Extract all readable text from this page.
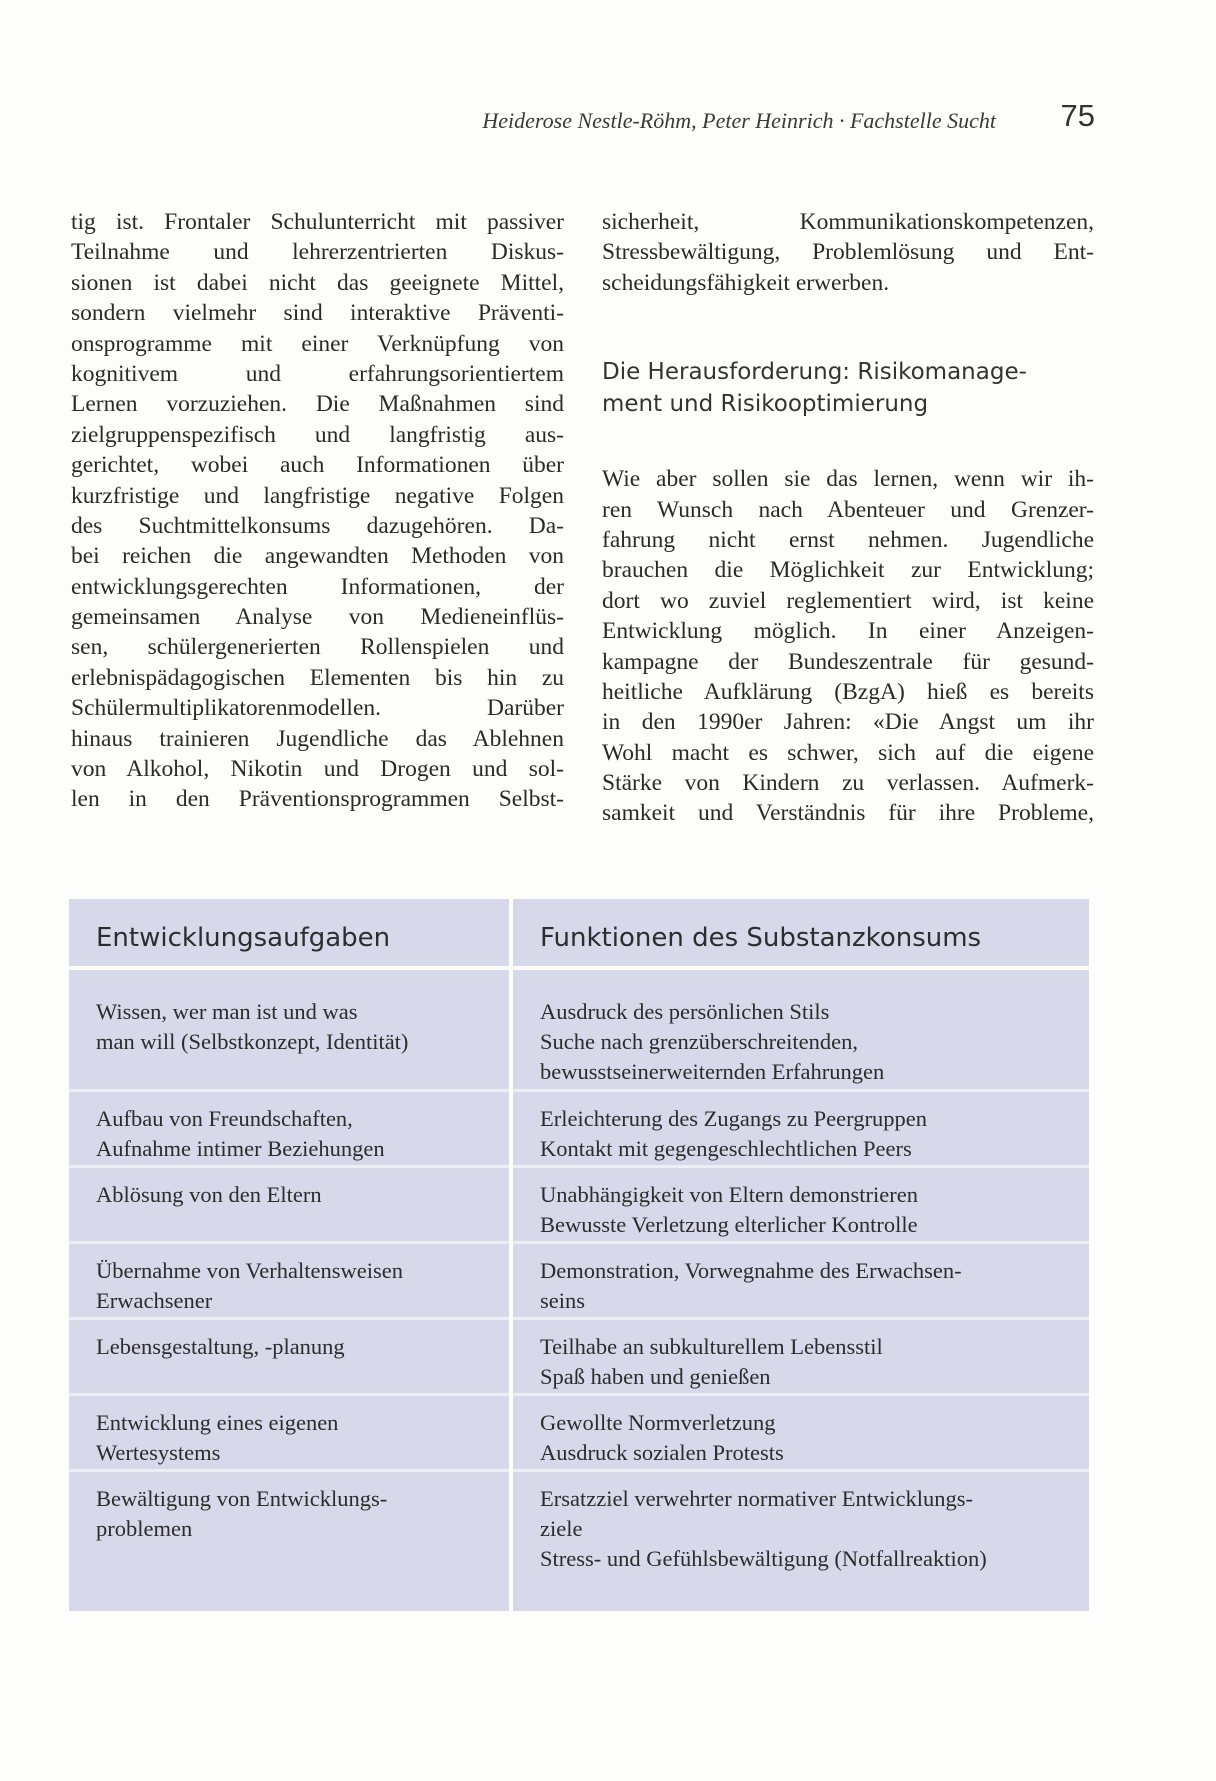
Heiderose Nestle-Röhm, Peter Heinrich · Fachstelle Sucht 75
tig ist. Frontaler Schulunterricht mit passiver
Teilnahme und lehrerzentrierten Diskus-
sionen ist dabei nicht das geeignete Mittel,
sondern vielmehr sind interaktive Präventi-
onsprogramme mit einer Verknüpfung von
kognitivem und erfahrungsorientiertem
Lernen vorzuziehen. Die Maßnahmen sind
zielgruppenspezifisch und langfristig aus-
gerichtet, wobei auch Informationen über
kurzfristige und langfristige negative Folgen
des Suchtmittelkonsums dazugehören. Da-
bei reichen die angewandten Methoden von
entwicklungsgerechten Informationen, der
gemeinsamen Analyse von Medieneinflüs-
sen, schülergenerierten Rollenspielen und
erlebnispädagogischen Elementen bis hin zu
Schülermultiplikatorenmodellen. Darüber
hinaus trainieren Jugendliche das Ablehnen
von Alkohol, Nikotin und Drogen und sol-
len in den Präventionsprogrammen Selbst-
sicherheit, Kommunikationskompetenzen,
Stressbewältigung, Problemlösung und Ent-
scheidungsfähigkeit erwerben.
Die Herausforderung: Risikomanage-
ment und Risikooptimierung
Wie aber sollen sie das lernen, wenn wir ih-
ren Wunsch nach Abenteuer und Grenzer-
fahrung nicht ernst nehmen. Jugendliche
brauchen die Möglichkeit zur Entwicklung;
dort wo zuviel reglementiert wird, ist keine
Entwicklung möglich. In einer Anzeigen-
kampagne der Bundeszentrale für gesund-
heitliche Aufklärung (BzgA) hieß es bereits
in den 1990er Jahren: «Die Angst um ihr
Wohl macht es schwer, sich auf die eigene
Stärke von Kindern zu verlassen. Aufmerk-
samkeit und Verständnis für ihre Probleme,
Entwicklungsaufgaben
Wissen, wer man ist und was
man will (Selbstkonzept, Identität)
Aufbau von Freundschaften,
Aufnahme intimer Beziehungen
Ablösung von den Eltern
Übernahme von Verhaltensweisen
Erwachsener
Lebensgestaltung, -planung
Entwicklung eines eigenen
Wertesystems
Bewältigung von Entwicklungs-
problemen
Funktionen des Substanzkonsums
Ausdruck des persönlichen Stils
Suche nach grenzüberschreitenden,
bewusstseinerweiternden Erfahrungen
Erleichterung des Zugangs zu Peergruppen
Kontakt mit gegengeschlechtlichen Peers
Unabhängigkeit von Eltern demonstrieren
Bewusste Verletzung elterlicher Kontrolle
Demonstration, Vorwegnahme des Erwachsen-
seins
Teilhabe an subkulturellem Lebensstil
Spaß haben und genießen
Gewollte Normverletzung
Ausdruck sozialen Protests
Ersatzziel verwehrter normativer Entwicklungs-
ziele
Stress- und Gefühlsbewältigung (Notfallreaktion)
